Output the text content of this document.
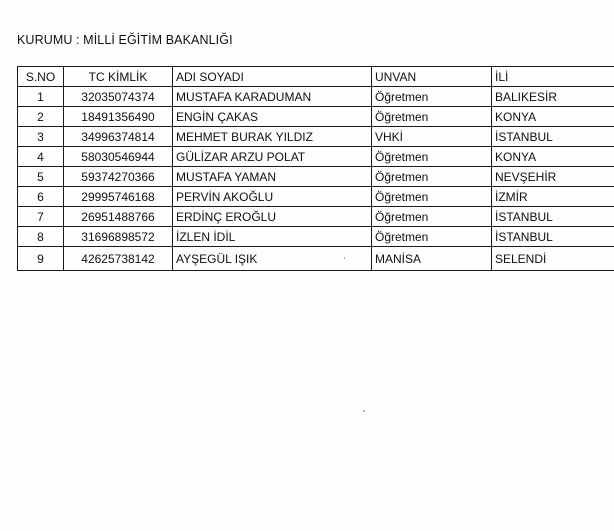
KURUMU : MİLLİ EĞİTİM BAKANLIĞI
S.NO	TC KİMLİK	ADI SOYADI	UNVAN	İLİ
1	32035074374	MUSTAFA KARADUMAN	Öğretmen	BALIKESİR
2	18491356490	ENGİN ÇAKAS	Öğretmen	KONYA
3	34996374814	MEHMET BURAK YILDIZ	VHKİ	İSTANBUL
4	58030546944	GÜLİZAR ARZU POLAT	Öğretmen	KONYA
5	59374270366	MUSTAFA YAMAN	Öğretmen	NEVŞEHİR
6	29995746168	PERVİN AKOĞLU	Öğretmen	İZMİR
7	26951488766	ERDİNÇ EROĞLU	Öğretmen	İSTANBUL
8	31696898572	İZLEN İDİL	Öğretmen	İSTANBUL
9	42625738142	AYŞEGÜL IŞIK	MANİSA	SELENDİ
